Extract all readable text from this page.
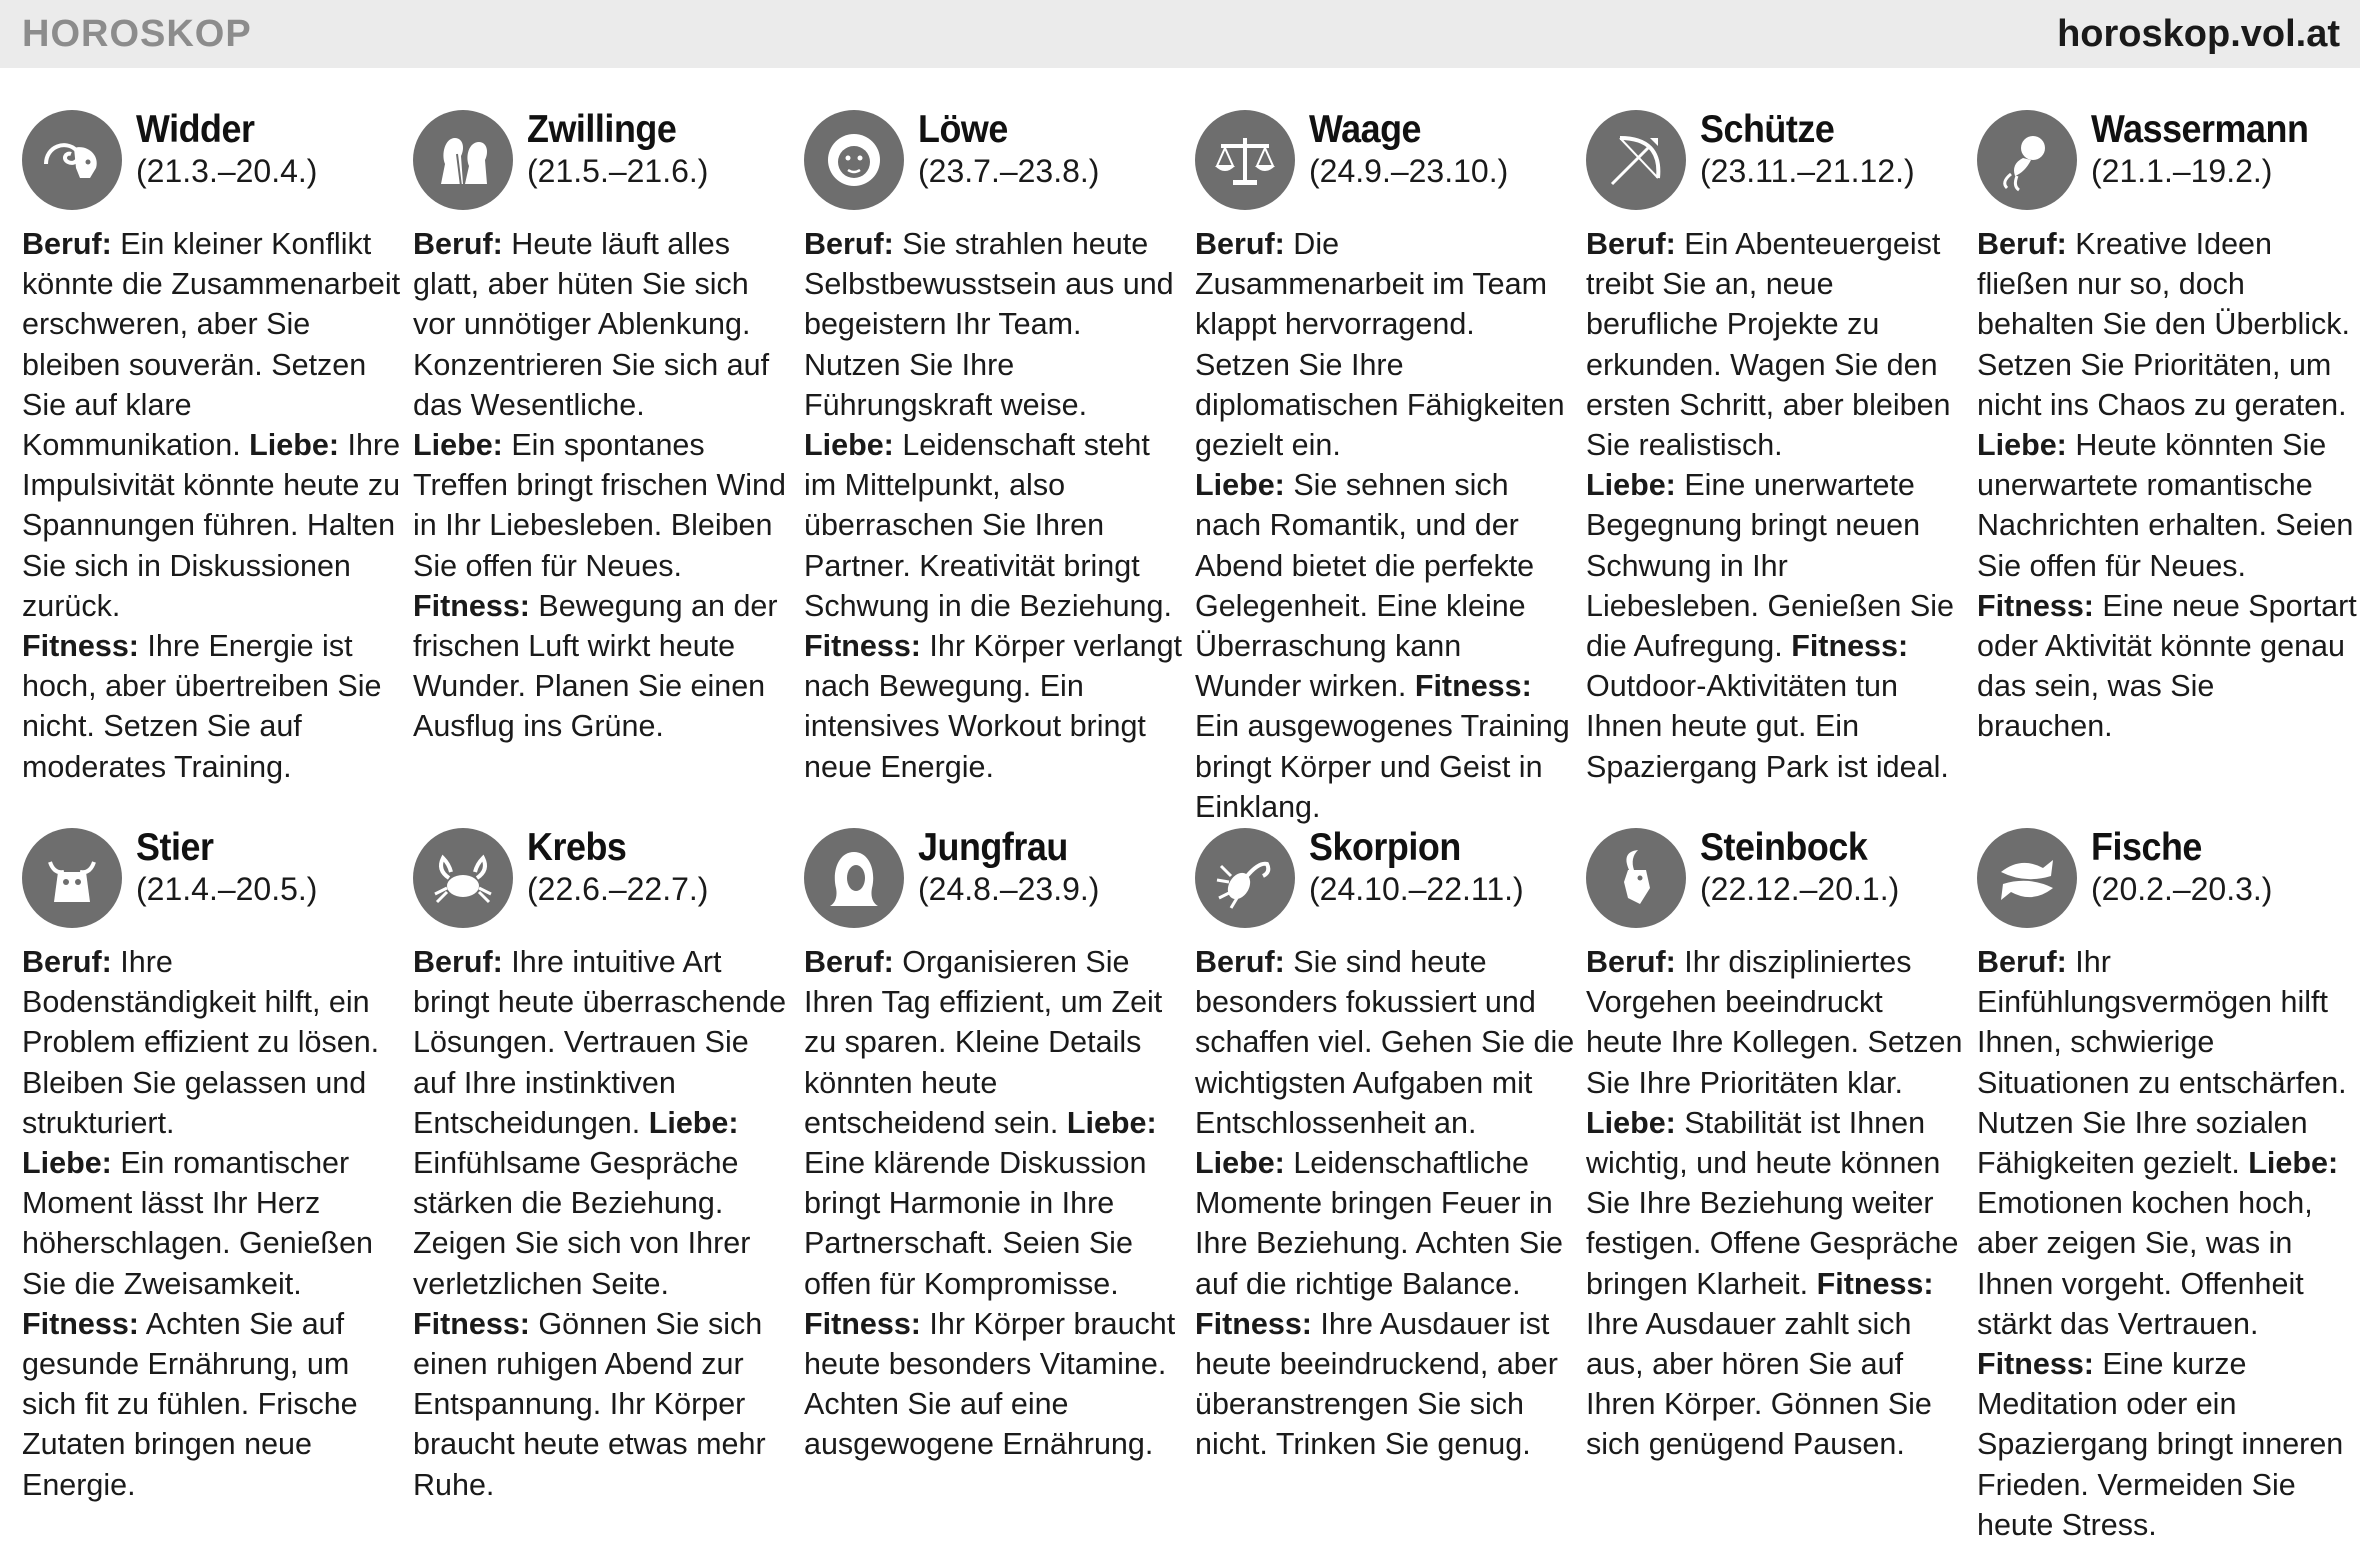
HOROSKOP	horoskop.vol.at
Widder
(21.3.–20.4.)
Beruf: Ein kleiner Konflikt könnte die Zusammenarbeit erschweren, aber Sie bleiben souverän. Setzen Sie auf klare Kommunikation. Liebe: Ihre Impulsivität könnte heute zu Spannungen führen. Halten Sie sich in Diskussionen zurück.
Fitness: Ihre Energie ist hoch, aber übertreiben Sie nicht. Setzen Sie auf moderates Training.
Zwillinge
(21.5.–21.6.)
Beruf: Heute läuft alles glatt, aber hüten Sie sich vor unnötiger Ablenkung. Konzentrieren Sie sich auf das Wesentliche.
Liebe: Ein spontanes Treffen bringt frischen Wind in Ihr Liebesleben. Bleiben Sie offen für Neues.
Fitness: Bewegung an der frischen Luft wirkt heute Wunder. Planen Sie einen Ausflug ins Grüne.
Löwe
(23.7.–23.8.)
Beruf: Sie strahlen heute Selbstbewusstsein aus und begeistern Ihr Team. Nutzen Sie Ihre Führungskraft weise. Liebe: Leidenschaft steht im Mittelpunkt, also überraschen Sie Ihren Partner. Kreativität bringt Schwung in die Beziehung. Fitness: Ihr Körper verlangt nach Bewegung. Ein intensives Workout bringt neue Energie.
Waage
(24.9.–23.10.)
Beruf: Die Zusammenarbeit im Team klappt hervorragend. Setzen Sie Ihre diplomatischen Fähigkeiten gezielt ein.
Liebe: Sie sehnen sich nach Romantik, und der Abend bietet die perfekte Gelegenheit. Eine kleine Überraschung kann Wunder wirken. Fitness: Ein ausgewogenes Training bringt Körper und Geist in Einklang.
Schütze
(23.11.–21.12.)
Beruf: Ein Abenteuergeist treibt Sie an, neue berufliche Projekte zu erkunden. Wagen Sie den ersten Schritt, aber bleiben Sie realistisch.
Liebe: Eine unerwartete Begegnung bringt neuen Schwung in Ihr Liebesleben. Genießen Sie die Aufregung. Fitness: Outdoor-Aktivitäten tun Ihnen heute gut. Ein Spaziergang Park ist ideal.
Wassermann
(21.1.–19.2.)
Beruf: Kreative Ideen fließen nur so, doch behalten Sie den Überblick. Setzen Sie Prioritäten, um nicht ins Chaos zu geraten. Liebe: Heute könnten Sie unerwartete romantische Nachrichten erhalten. Seien Sie offen für Neues.
Fitness: Eine neue Sportart oder Aktivität könnte genau das sein, was Sie brauchen.
Stier
(21.4.–20.5.)
Beruf: Ihre Bodenständigkeit hilft, ein Problem effizient zu lösen. Bleiben Sie gelassen und strukturiert.
Liebe: Ein romantischer Moment lässt Ihr Herz höherschlagen. Genießen Sie die Zweisamkeit.
Fitness: Achten Sie auf gesunde Ernährung, um sich fit zu fühlen. Frische Zutaten bringen neue Energie.
Krebs
(22.6.–22.7.)
Beruf: Ihre intuitive Art bringt heute überraschende Lösungen. Vertrauen Sie auf Ihre instinktiven Entscheidungen. Liebe: Einfühlsame Gespräche stärken die Beziehung. Zeigen Sie sich von Ihrer verletzlichen Seite.
Fitness: Gönnen Sie sich einen ruhigen Abend zur Entspannung. Ihr Körper braucht heute etwas mehr Ruhe.
Jungfrau
(24.8.–23.9.)
Beruf: Organisieren Sie Ihren Tag effizient, um Zeit zu sparen. Kleine Details könnten heute entscheidend sein. Liebe: Eine klärende Diskussion bringt Harmonie in Ihre Partnerschaft. Seien Sie offen für Kompromisse.
Fitness: Ihr Körper braucht heute besonders Vitamine. Achten Sie auf eine ausgewogene Ernährung.
Skorpion
(24.10.–22.11.)
Beruf: Sie sind heute besonders fokussiert und schaffen viel. Gehen Sie die wichtigsten Aufgaben mit Entschlossenheit an.
Liebe: Leidenschaftliche Momente bringen Feuer in Ihre Beziehung. Achten Sie auf die richtige Balance. Fitness: Ihre Ausdauer ist heute beeindruckend, aber überanstrengen Sie sich nicht. Trinken Sie genug.
Steinbock
(22.12.–20.1.)
Beruf: Ihr diszipliniertes Vorgehen beeindruckt heute Ihre Kollegen. Setzen Sie Ihre Prioritäten klar. Liebe: Stabilität ist Ihnen wichtig, und heute können Sie Ihre Beziehung weiter festigen. Offene Gespräche bringen Klarheit. Fitness: Ihre Ausdauer zahlt sich aus, aber hören Sie auf Ihren Körper. Gönnen Sie sich genügend Pausen.
Fische
(20.2.–20.3.)
Beruf: Ihr Einfühlungsvermögen hilft Ihnen, schwierige Situationen zu entschärfen. Nutzen Sie Ihre sozialen Fähigkeiten gezielt. Liebe: Emotionen kochen hoch, aber zeigen Sie, was in Ihnen vorgeht. Offenheit stärkt das Vertrauen. Fitness: Eine kurze Meditation oder ein Spaziergang bringt inneren Frieden. Vermeiden Sie heute Stress.
